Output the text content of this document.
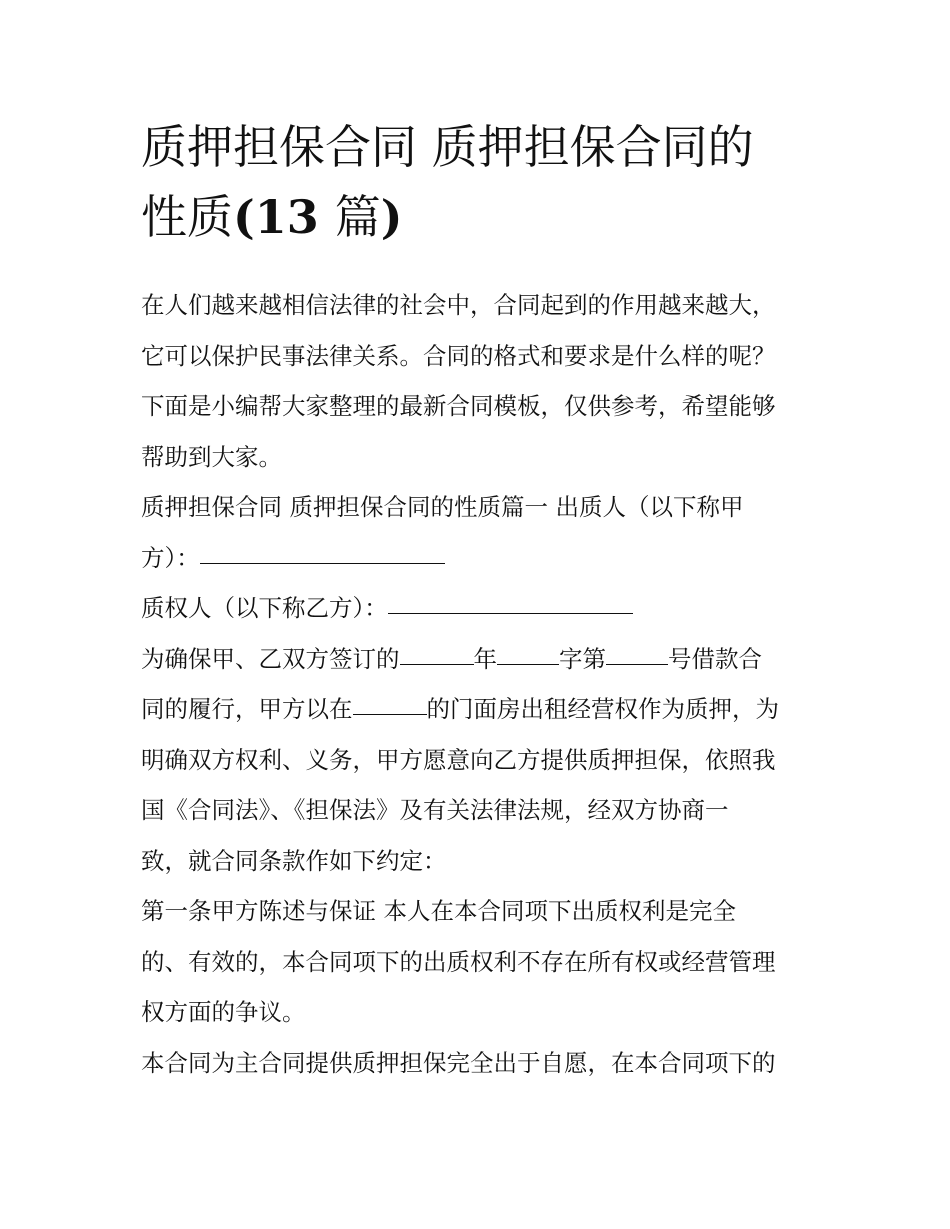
质押担保合同 质押担保合同的
性质(13 篇)

在人们越来越相信法律的社会中，合同起到的作用越来越大，
它可以保护民事法律关系。合同的格式和要求是什么样的呢？
下面是小编帮大家整理的最新合同模板，仅供参考，希望能够
帮助到大家。

质押担保合同 质押担保合同的性质篇一 出质人（以下称甲
方）：

质权人（以下称乙方）：

为确保甲、乙双方签订的	年	字第	号借款合
同的履行，甲方以在	的门面房出租经营权作为质押，为
明确双方权利、义务，甲方愿意向乙方提供质押担保，依照我
国《合同法》、《担保法》及有关法律法规，经双方协商一
致，就合同条款作如下约定：

第一条甲方陈述与保证 本人在本合同项下出质权利是完全
的、有效的，本合同项下的出质权利不存在所有权或经营管理
权方面的争议。

本合同为主合同提供质押担保完全出于自愿，在本合同项下的
